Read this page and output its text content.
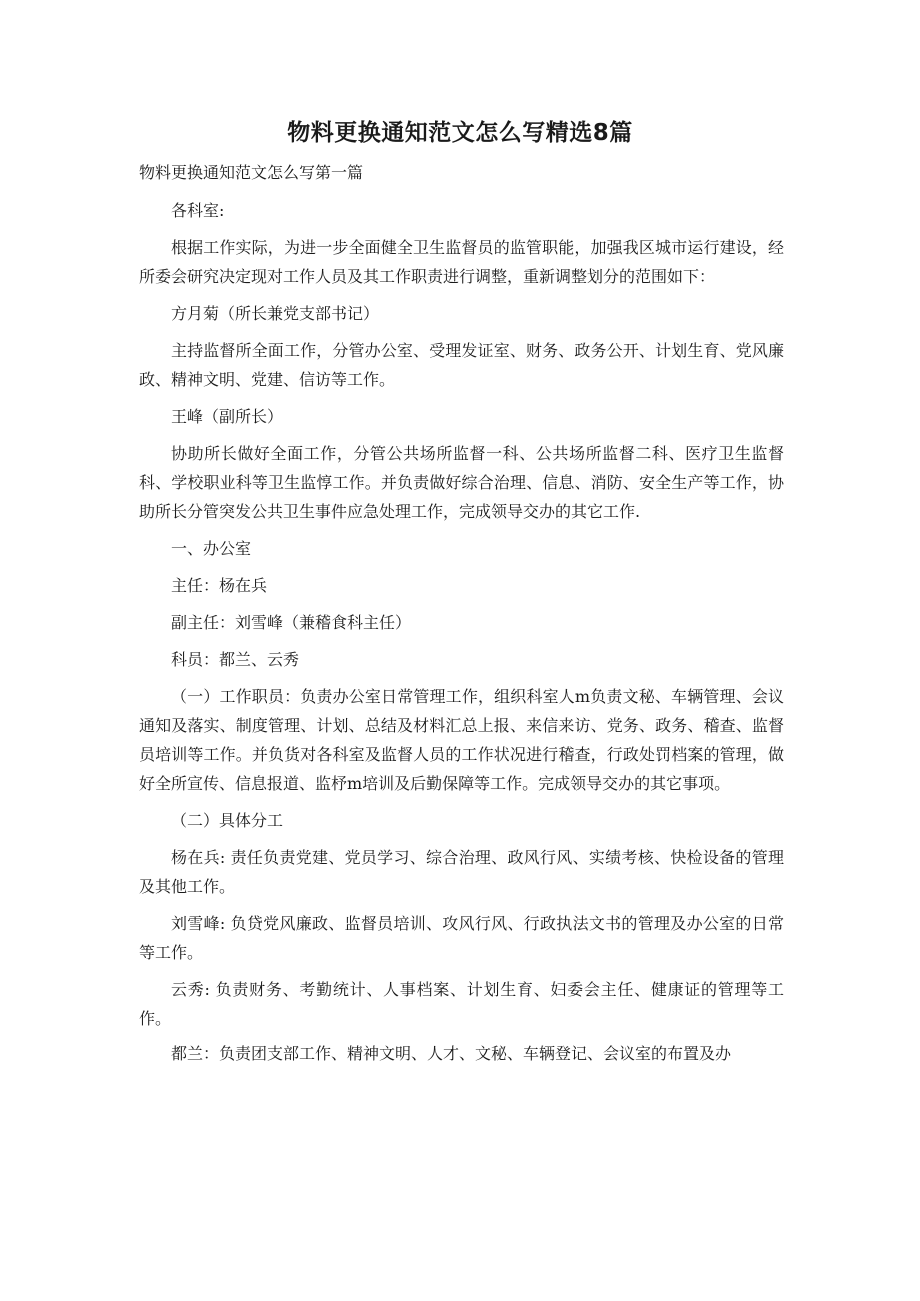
物料更换通知范文怎么写精选8篇
物料更换通知范文怎么写第一篇

各科室:

根据工作实际，为进一步全面健全卫生监督员的监管职能，加强我区城市运行建设，经所委会研究决定现对工作人员及其工作职责进行调整，重新调整划分的范围如下：

方月菊（所长兼党支部书记）

主持监督所全面工作，分管办公室、受理发证室、财务、政务公开、计划生育、党风廉政、精神文明、党建、信访等工作。

王峰（副所长）

协助所长做好全面工作，分管公共场所监督一科、公共场所监督二科、医疗卫生监督科、学校职业科等卫生监惇工作。并负责做好综合治理、信息、消防、安全生产等工作，协助所长分管突发公共卫生事件应急处理工作，完成领导交办的其它工作.

一、办公室

主任：杨在兵

副主任：刘雪峰（兼稽食科主任）

科员：都兰、云秀

（一）工作职员：负责办公室日常管理工作，组织科室人m负责文秘、车辆管理、会议通知及落实、制度管理、计划、总结及材料汇总上报、来信来访、党务、政务、稽查、监督员培训等工作。并负货对各科室及监督人员的工作状况进行稽查，行政处罚档案的管理，做好全所宣传、信息报道、监杼m培训及后勤保障等工作。完成领导交办的其它事项。

（二）具体分工

杨在兵: 责任负责党建、党员学习、综合治理、政风行风、实绩考核、快检设备的管理及其他工作。

刘雪峰: 负贷党风廉政、监督员培训、攻风行风、行政执法文书的管理及办公室的日常等工作。

云秀: 负责财务、考勤统计、人事档案、计划生育、妇委会主任、健康证的管理等工作。

都兰：负责团支部工作、精神文明、人才、文秘、车辆登记、会议室的布置及办
